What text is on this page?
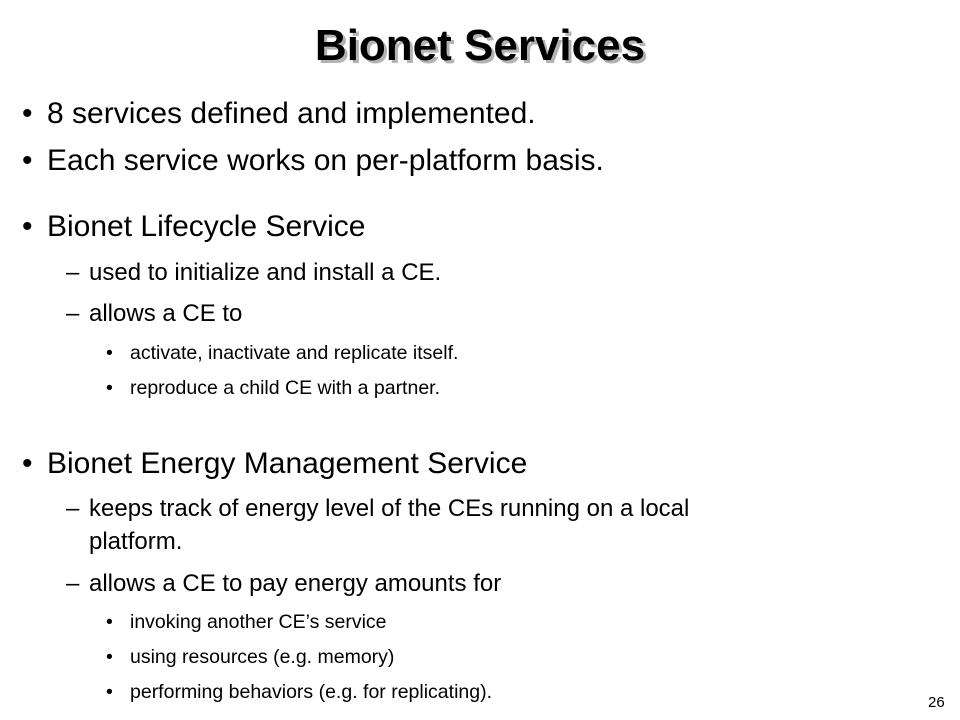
Bionet Services
• 8 services defined and implemented.
• Each service works on per-platform basis.
• Bionet Lifecycle Service
– used to initialize and install a CE.
– allows a CE to
• activate, inactivate and replicate itself.
• reproduce a child CE with a partner.
• Bionet Energy Management Service
– keeps track of energy level of the CEs running on a local
platform.
– allows a CE to pay energy amounts for
• invoking another CE’s service
• using resources (e.g. memory)
• performing behaviors (e.g. for replicating).	26
